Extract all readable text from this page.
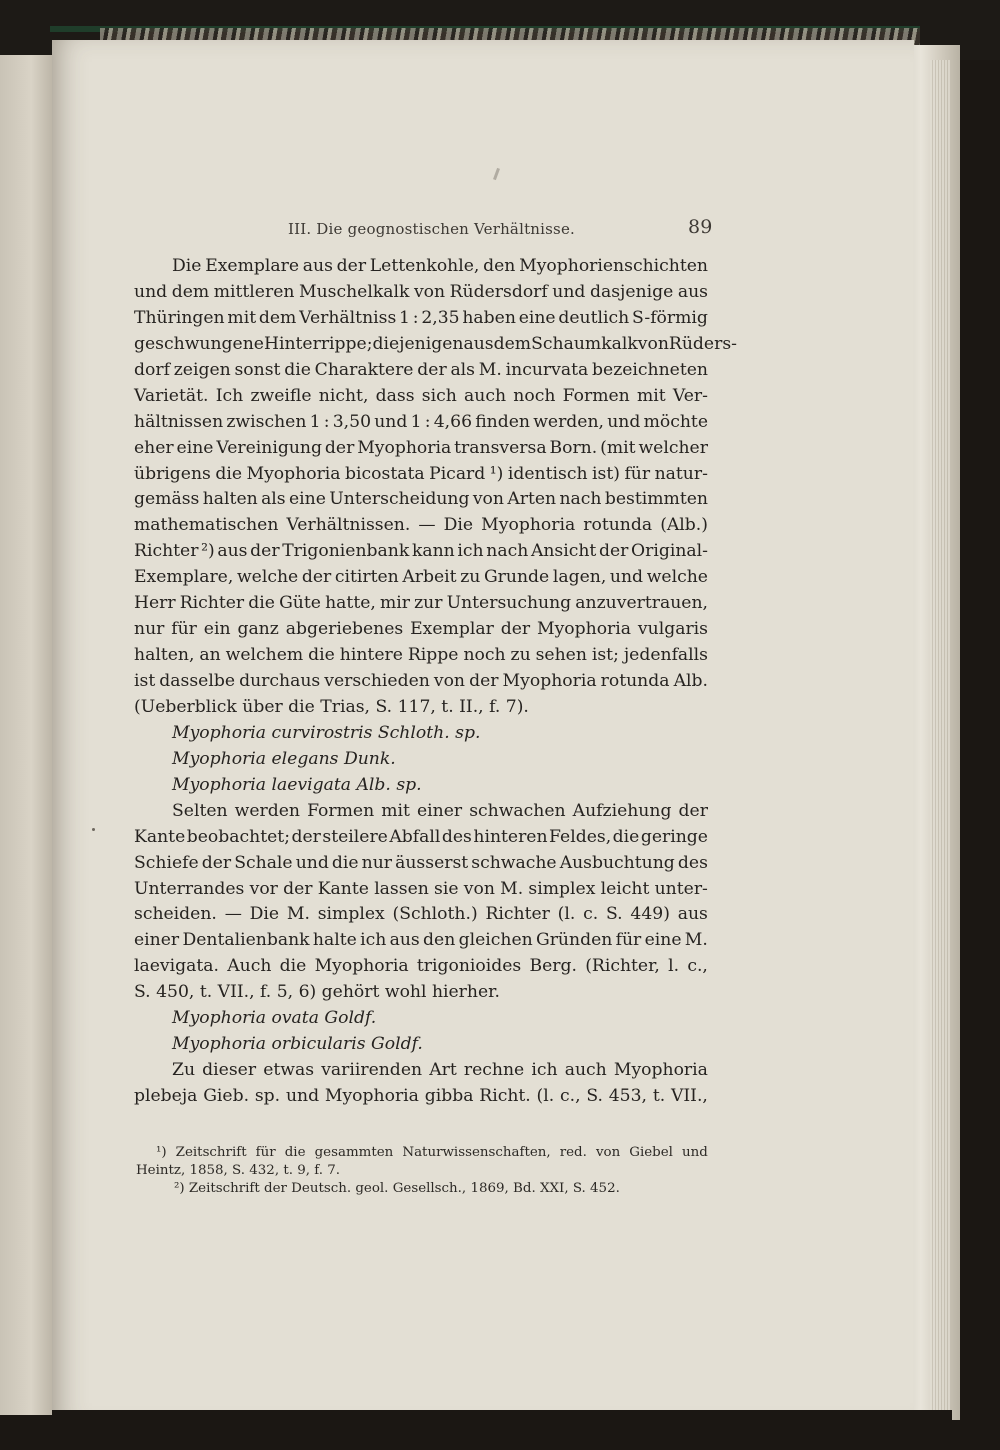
III. Die geognostischen Verhältnisse.	89
Die Exemplare aus der Lettenkohle, den Myophorienschichten
und dem mittleren Muschelkalk von Rüdersdorf und dasjenige aus
Thüringen mit dem Verhältniss 1 : 2,35 haben eine deutlich S-förmig
geschwungene Hinterrippe; diejenigen aus dem Schaumkalk von Rüders-
dorf zeigen sonst die Charaktere der als M. incurvata bezeichneten
Varietät. Ich zweifle nicht, dass sich auch noch Formen mit Ver-
hältnissen zwischen 1 : 3,50 und 1 : 4,66 finden werden, und möchte
eher eine Vereinigung der Myophoria transversa Born. (mit welcher
übrigens die Myophoria bicostata Picard ¹) identisch ist) für natur-
gemäss halten als eine Unterscheidung von Arten nach bestimmten
mathematischen Verhältnissen. — Die Myophoria rotunda (Alb.)
Richter ²) aus der Trigonienbank kann ich nach Ansicht der Original-
Exemplare, welche der citirten Arbeit zu Grunde lagen, und welche
Herr Richter die Güte hatte, mir zur Untersuchung anzuvertrauen,
nur für ein ganz abgeriebenes Exemplar der Myophoria vulgaris
halten, an welchem die hintere Rippe noch zu sehen ist; jedenfalls
ist dasselbe durchaus verschieden von der Myophoria rotunda Alb.
(Ueberblick über die Trias, S. 117, t. II., f. 7).
Myophoria curvirostris Schloth. sp.
Myophoria elegans Dunk.
Myophoria laevigata Alb. sp.
Selten werden Formen mit einer schwachen Aufziehung der
Kante beobachtet; der steilere Abfall des hinteren Feldes, die geringe
Schiefe der Schale und die nur äusserst schwache Ausbuchtung des
Unterrandes vor der Kante lassen sie von M. simplex leicht unter-
scheiden. — Die M. simplex (Schloth.) Richter (l. c. S. 449) aus
einer Dentalienbank halte ich aus den gleichen Gründen für eine M.
laevigata. Auch die Myophoria trigonioides Berg. (Richter, l. c.,
S. 450, t. VII., f. 5, 6) gehört wohl hierher.
Myophoria ovata Goldf.
Myophoria orbicularis Goldf.
Zu dieser etwas variirenden Art rechne ich auch Myophoria
plebeja Gieb. sp. und Myophoria gibba Richt. (l. c., S. 453, t. VII.,
¹) Zeitschrift für die gesammten Naturwissenschaften, red. von Giebel und
Heintz, 1858, S. 432, t. 9, f. 7.
²) Zeitschrift der Deutsch. geol. Gesellsch., 1869, Bd. XXI, S. 452.
